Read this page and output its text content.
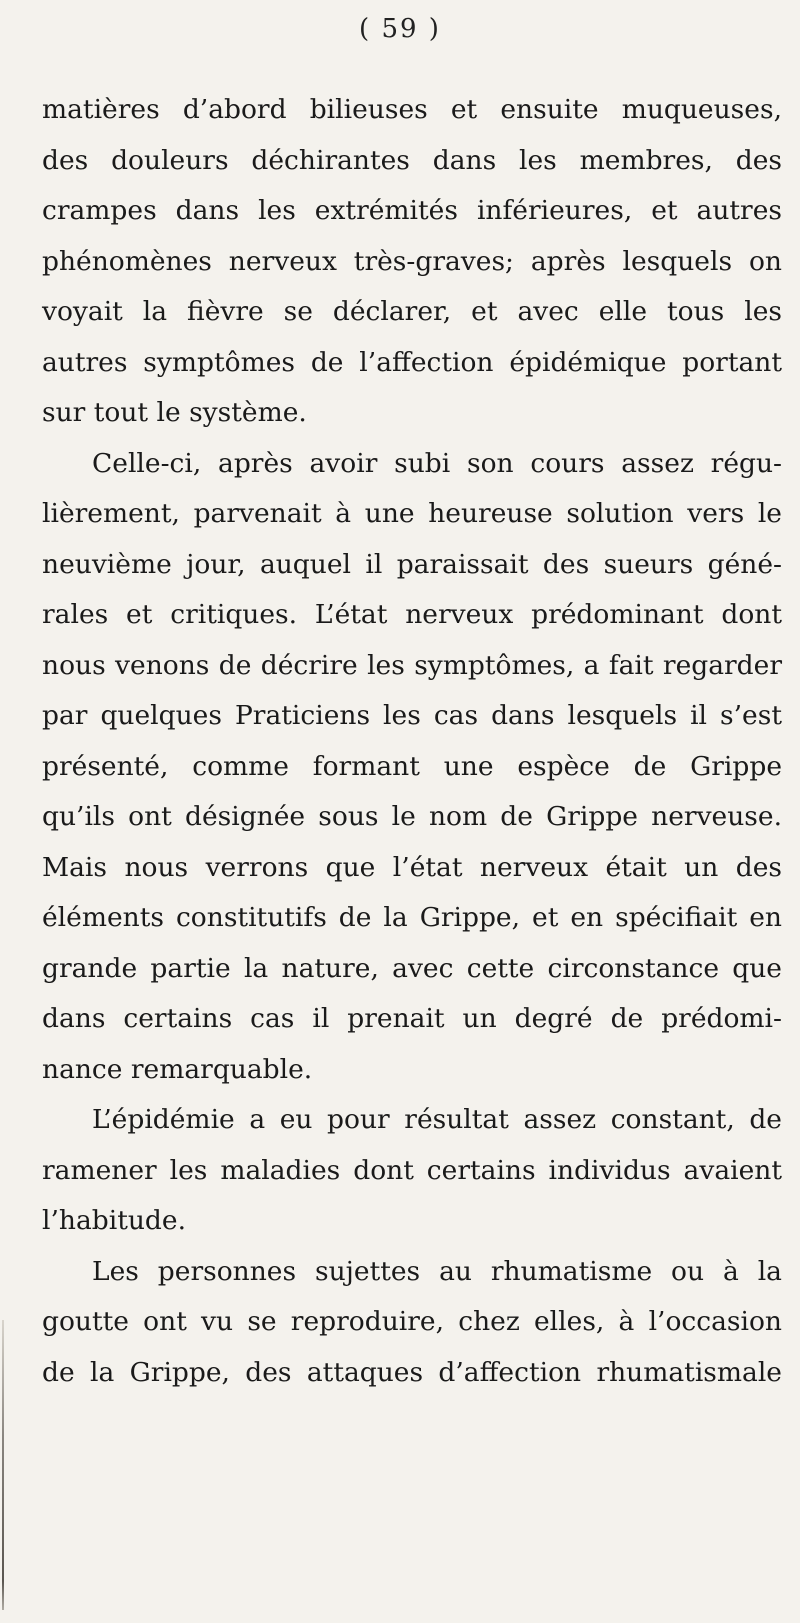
( 59 )
matières d’abord bilieuses et ensuite muqueuses,
des douleurs déchirantes dans les membres, des
crampes dans les extrémités inférieures, et autres
phénomènes nerveux très-graves; après lesquels on
voyait la fièvre se déclarer, et avec elle tous les
autres symptômes de l’affection épidémique portant
sur tout le système.
Celle-ci, après avoir subi son cours assez régu-
lièrement, parvenait à une heureuse solution vers le
neuvième jour, auquel il paraissait des sueurs géné-
rales et critiques. L’état nerveux prédominant dont
nous venons de décrire les symptômes, a fait regarder
par quelques Praticiens les cas dans lesquels il s’est
présenté, comme formant une espèce de Grippe
qu’ils ont désignée sous le nom de Grippe nerveuse.
Mais nous verrons que l’état nerveux était un des
éléments constitutifs de la Grippe, et en spécifiait en
grande partie la nature, avec cette circonstance que
dans certains cas il prenait un degré de prédomi-
nance remarquable.
L’épidémie a eu pour résultat assez constant, de
ramener les maladies dont certains individus avaient
l’habitude.
Les personnes sujettes au rhumatisme ou à la
goutte ont vu se reproduire, chez elles, à l’occasion
de la Grippe, des attaques d’affection rhumatismale
